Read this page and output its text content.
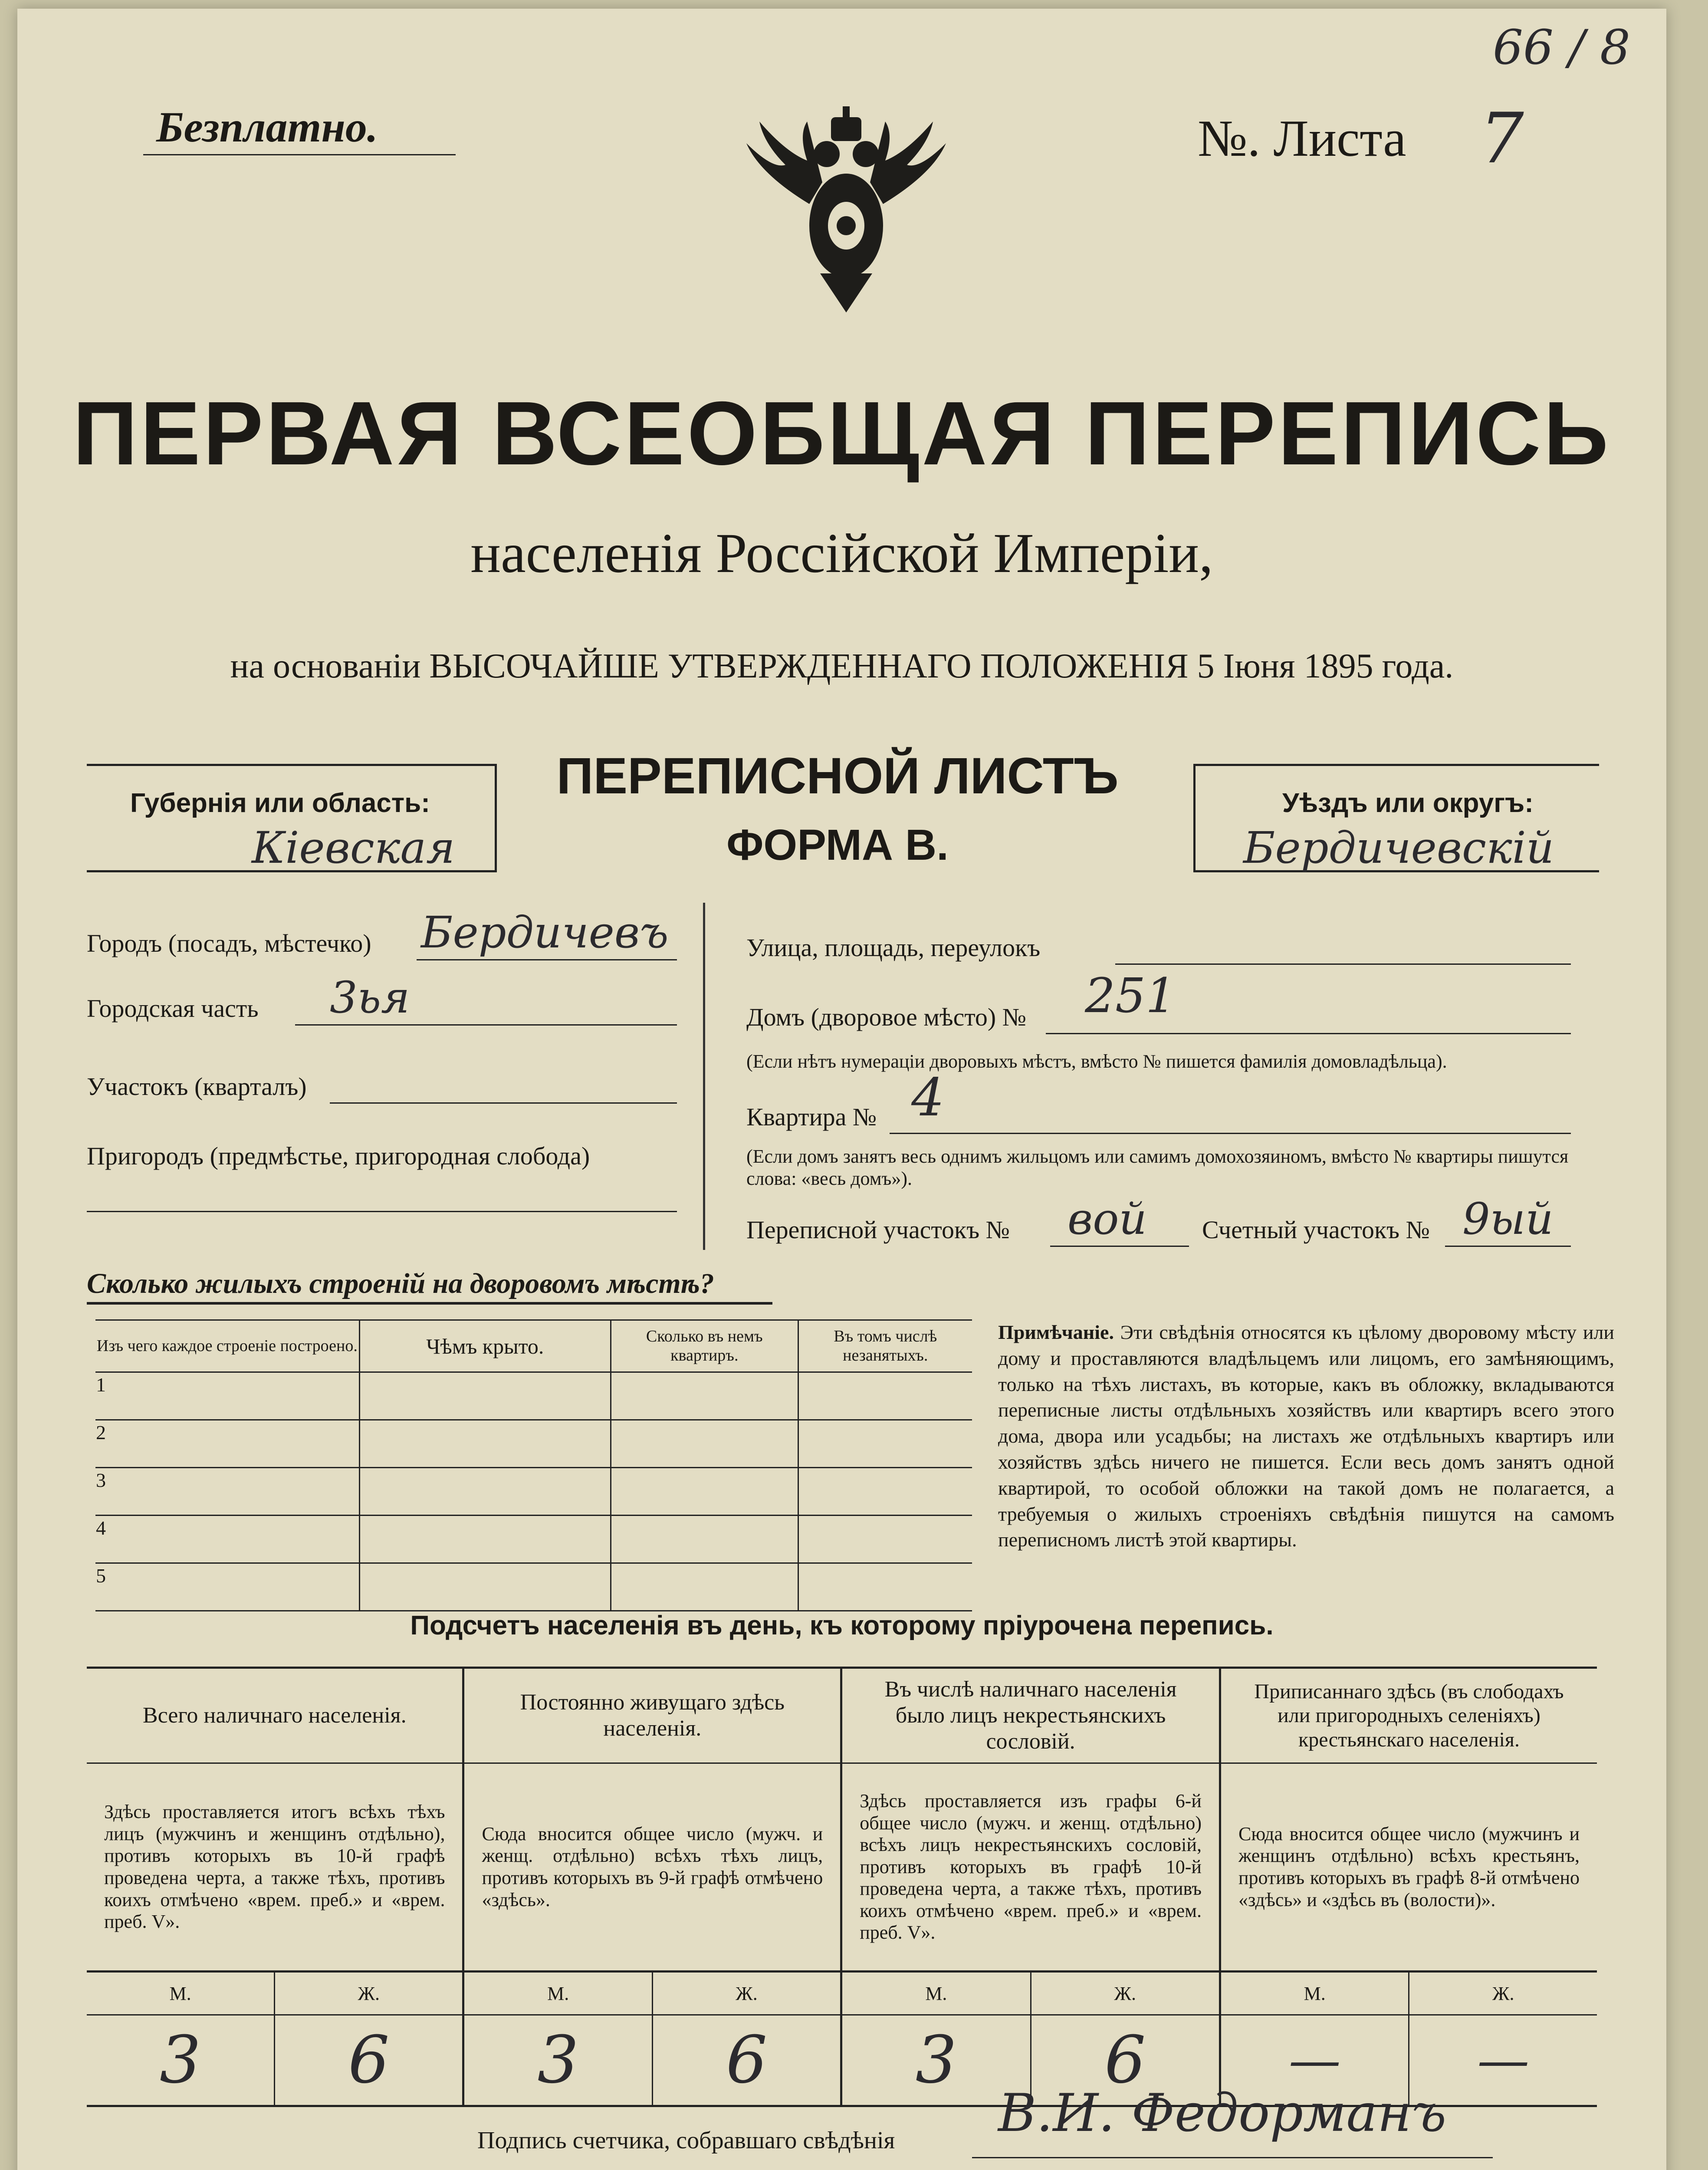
Безплатно.	№. Листа 7
66 / 8
ПЕРВАЯ ВСЕОБЩАЯ ПЕРЕПИСЬ
населенія Россійской Имперіи,
на основаніи ВЫСОЧАЙШЕ УТВЕРЖДЕННАГО ПОЛОЖЕНІЯ 5 Іюня 1895 года.
Губернія или область:
Кіевская
ПЕРЕПИСНОЙ ЛИСТЪ
ФОРМА В.
Уѣздъ или округъ:
Бердичевскій
Городъ (посадъ, мѣстечко) Бердичевъ
Городская часть 3ья
Участокъ (кварталъ)
Пригородъ (предмѣстье, пригородная слобода)
Улица, площадь, переулокъ
Домъ (дворовое мѣсто) № 251
(Если нѣтъ нумераціи дворовыхъ мѣстъ, вмѣсто № пишется фамилія домовладѣльца).
Квартира № 4
(Если домъ занятъ весь однимъ жильцомъ или самимъ домохозяиномъ, вмѣсто № квартиры пишутся слова: «весь домъ»).
Переписной участокъ № вой Счетный участокъ № 9ый
Сколько жилыхъ строеній на дворовомъ мѣстѣ?
Изъ чего каждое строеніе построено.	Чѣмъ крыто.	Сколько въ немъ квартиръ.	Въ томъ числѣ незанятыхъ.
1			
2			
3			
4			
5			
Примѣчаніе. Эти свѣдѣнія относятся къ цѣлому дворовому мѣсту или дому и проставляются владѣльцемъ или лицомъ, его замѣняющимъ, только на тѣхъ листахъ, въ которые, какъ въ обложку, вкладываются переписные листы отдѣльныхъ хозяйствъ или квартиръ всего этого дома, двора или усадьбы; на листахъ же отдѣльныхъ квартиръ или хозяйствъ здѣсь ничего не пишется. Если весь домъ занятъ одной квартирой, то особой обложки на такой домъ не полагается, а требуемыя о жилыхъ строеніяхъ свѣдѣнія пишутся на самомъ переписномъ листѣ этой квартиры.
Подсчетъ населенія въ день, къ которому пріурочена перепись.
Всего наличнаго населенія.		Постоянно живущаго здѣсь населенія.		Въ числѣ наличнаго населенія было лицъ некрестьянскихъ сословій.		Приписаннаго здѣсь (въ слободахъ или пригородныхъ селеніяхъ) крестьянскаго населенія.	
Здѣсь проставляется итогъ всѣхъ тѣхъ лицъ (мужчинъ и женщинъ отдѣльно), противъ которыхъ въ 10-й графѣ проведена черта, а также тѣхъ, противъ коихъ отмѣчено «врем. преб.» и «врем. преб. V».		Сюда вносится общее число (мужч. и женщ. отдѣльно) всѣхъ тѣхъ лицъ, противъ которыхъ въ 9-й графѣ отмѣчено «здѣсь».		Здѣсь проставляется изъ графы 6-й общее число (мужч. и женщ. отдѣльно) всѣхъ лицъ некрестьянскихъ сословій, противъ которыхъ въ графѣ 10-й проведена черта, а также тѣхъ, противъ коихъ отмѣчено «врем. преб.» и «врем. преб. V».		Сюда вносится общее число (мужчинъ и женщинъ отдѣльно) всѣхъ крестьянъ, противъ которыхъ въ графѣ 8-й отмѣчено «здѣсь» и «здѣсь въ (волости)».	
М.	Ж.	М.	Ж.	М.	Ж.	М.	Ж.
3	6	3	6	3	6	—	—
Подпись счетчика, собравшаго свѣдѣнія В.И. Федорманъ
